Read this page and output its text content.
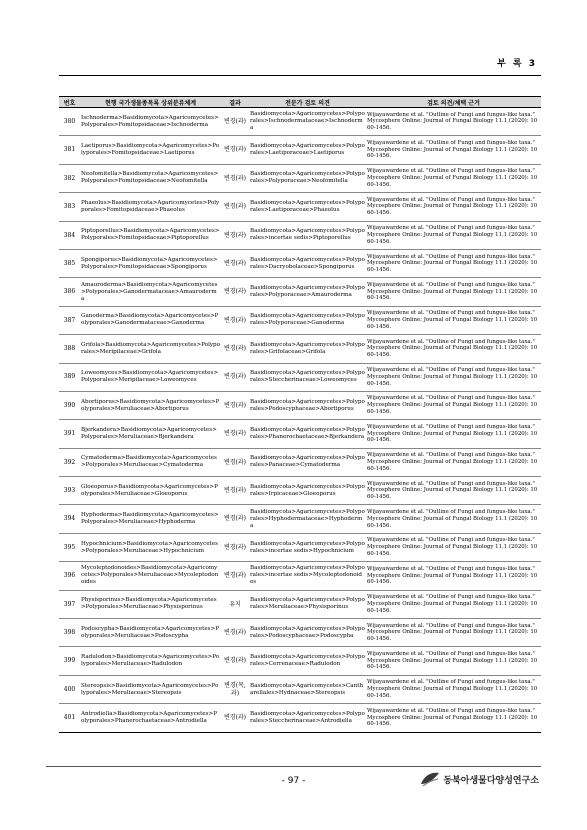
부 록 3
번호	현행 국가생물종목록 상위분류체계	결과	전문가 검토 의견	검토 의견/체택 근거
380	Ischnoderma>Basidiomycota>Agaricomycetes>Polyporales>Fomitopsidaceae>Ischnoderma	변경(과)	Basidiomycota>Agaricomycetes>Polyporales>Ischnodermataceae>Ischnoderma	Wijayawardene et al. "Outline of Fungi and fungus-like taxa." Mycosphere Online: Journal of Fungal Biology 11.1 (2020): 1060-1456.
381	Laetiporus>Basidiomycota>Agaricomycetes>Polyporales>Fomitopsidaceae>Laetiporus	변경(과)	Basidiomycota>Agaricomycetes>Polyporales>Laetiporaceae>Laetiporus	Wijayawardene et al. "Outline of Fungi and fungus-like taxa." Mycosphere Online: Journal of Fungal Biology 11.1 (2020): 1060-1456.
382	Neofomitella>Basidiomycota>Agaricomycetes>Polyporales>Fomitopsidaceae>Neofomitella	변경(과)	Basidiomycota>Agaricomycetes>Polyporales>Polyporaceae>Neofomitella	Wijayawardene et al. "Outline of Fungi and fungus-like taxa." Mycosphere Online: Journal of Fungal Biology 11.1 (2020): 1060-1456.
383	Phaeolus>Basidiomycota>Agaricomycetes>Polyporales>Fomitopsidaceae>Phaeolus	변경(과)	Basidiomycota>Agaricomycetes>Polyporales>Laetiporaceae>Phaeolus	Wijayawardene et al. "Outline of Fungi and fungus-like taxa." Mycosphere Online: Journal of Fungal Biology 11.1 (2020): 1060-1456.
384	Piptoporellus>Basidiomycota>Agaricomycetes>Polyporales>Fomitopsidaceae>Piptoporellus	변경(과)	Basidiomycota>Agaricomycetes>Polyporales>incertae sedis>Piptoporellus	Wijayawardene et al. "Outline of Fungi and fungus-like taxa." Mycosphere Online: Journal of Fungal Biology 11.1 (2020): 1060-1456.
385	Spongiporus>Basidiomycota>Agaricomycetes>Polyporales>Fomitopsidaceae>Spongiporus	변경(과)	Basidiomycota>Agaricomycetes>Polyporales>Dacryobolaceae>Spongiporus	Wijayawardene et al. "Outline of Fungi and fungus-like taxa." Mycosphere Online: Journal of Fungal Biology 11.1 (2020): 1060-1456.
386	Amauroderma>Basidiomycota>Agaricomycetes>Polyporales>Ganodermataceae>Amauroderma	변경(과)	Basidiomycota>Agaricomycetes>Polyporales>Polyporaceae>Amauroderma	Wijayawardene et al. "Outline of Fungi and fungus-like taxa." Mycosphere Online: Journal of Fungal Biology 11.1 (2020): 1060-1456.
387	Ganoderma>Basidiomycota>Agaricomycetes>Polyporales>Ganodermataceae>Ganoderma	변경(과)	Basidiomycota>Agaricomycetes>Polyporales>Polyporaceae>Ganoderma	Wijayawardene et al. "Outline of Fungi and fungus-like taxa." Mycosphere Online: Journal of Fungal Biology 11.1 (2020): 1060-1456.
388	Grifola>Basidiomycota>Agaricomycetes>Polyporales>Meripilaceae>Grifola	변경(과)	Basidiomycota>Agaricomycetes>Polyporales>Grifolaceae>Grifola	Wijayawardene et al. "Outline of Fungi and fungus-like taxa." Mycosphere Online: Journal of Fungal Biology 11.1 (2020): 1060-1456.
389	Loweomyces>Basidiomycota>Agaricomycetes>Polyporales>Meripilaceae>Loweomyces	변경(과)	Basidiomycota>Agaricomycetes>Polyporales>Steccherinaceae>Loweomyces	Wijayawardene et al. "Outline of Fungi and fungus-like taxa." Mycosphere Online: Journal of Fungal Biology 11.1 (2020): 1060-1456.
390	Abortiporus>Basidiomycota>Agaricomycetes>Polyporales>Meruliaceae>Abortiporus	변경(과)	Basidiomycota>Agaricomycetes>Polyporales>Podoscyphaceae>Abortiporus	Wijayawardene et al. "Outline of Fungi and fungus-like taxa." Mycosphere Online: Journal of Fungal Biology 11.1 (2020): 1060-1456.
391	Bjerkandera>Basidiomycota>Agaricomycetes>Polyporales>Meruliaceae>Bjerkandera	변경(과)	Basidiomycota>Agaricomycetes>Polyporales>Phanerochaetaceae>Bjerkandera	Wijayawardene et al. "Outline of Fungi and fungus-like taxa." Mycosphere Online: Journal of Fungal Biology 11.1 (2020): 1060-1456.
392	Cymatoderma>Basidiomycota>Agaricomycetes>Polyporales>Meruliaceae>Cymatoderma	변경(과)	Basidiomycota>Agaricomycetes>Polyporales>Panaceae>Cymatoderma	Wijayawardene et al. "Outline of Fungi and fungus-like taxa." Mycosphere Online: Journal of Fungal Biology 11.1 (2020): 1060-1456.
393	Gloeoporus>Basidiomycota>Agaricomycetes>Polyporales>Meruliaceae>Gloeoporus	변경(과)	Basidiomycota>Agaricomycetes>Polyporales>Irpicaceae>Gloeoporus	Wijayawardene et al. "Outline of Fungi and fungus-like taxa." Mycosphere Online: Journal of Fungal Biology 11.1 (2020): 1060-1456.
394	Hyphoderma>Basidiomycota>Agaricomycetes>Polyporales>Meruliaceae>Hyphoderma	변경(과)	Basidiomycota>Agaricomycetes>Polyporales>Hyphodermataceae>Hyphoderma	Wijayawardene et al. "Outline of Fungi and fungus-like taxa." Mycosphere Online: Journal of Fungal Biology 11.1 (2020): 1060-1456.
395	Hypochnicium>Basidiomycota>Agaricomycetes>Polyporales>Meruliaceae>Hypochnicium	변경(과)	Basidiomycota>Agaricomycetes>Polyporales>incertae sedis>Hypochnicium	Wijayawardene et al. "Outline of Fungi and fungus-like taxa." Mycosphere Online: Journal of Fungal Biology 11.1 (2020): 1060-1456.
396	Mycoleptodonoides>Basidiomycota>Agaricomycetes>Polyporales>Meruliaceae>Mycoleptodonoides	변경(과)	Basidiomycota>Agaricomycetes>Polyporales>incertae sedis>Mycoleptodonoides	Wijayawardene et al. "Outline of Fungi and fungus-like taxa." Mycosphere Online: Journal of Fungal Biology 11.1 (2020): 1060-1456.
397	Physisporinus>Basidiomycota>Agaricomycetes>Polyporales>Meruliaceae>Physisporinus	유지	Basidiomycota>Agaricomycetes>Polyporales>Meruliaceae>Physisporinus	Wijayawardene et al. "Outline of Fungi and fungus-like taxa." Mycosphere Online: Journal of Fungal Biology 11.1 (2020): 1060-1456.
398	Podoscypha>Basidiomycota>Agaricomycetes>Polyporales>Meruliaceae>Podoscypha	변경(과)	Basidiomycota>Agaricomycetes>Polyporales>Podoscyphaceae>Podoscypha	Wijayawardene et al. "Outline of Fungi and fungus-like taxa." Mycosphere Online: Journal of Fungal Biology 11.1 (2020): 1060-1456.
399	Radulodon>Basidiomycota>Agaricomycetes>Polyporales>Meruliaceae>Radulodon	변경(과)	Basidiomycota>Agaricomycetes>Polyporales>Cerrenaceae>Radulodon	Wijayawardene et al. "Outline of Fungi and fungus-like taxa." Mycosphere Online: Journal of Fungal Biology 11.1 (2020): 1060-1456.
400	Stereopsis>Basidiomycota>Agaricomycetes>Polyporales>Meruliaceae>Stereopsis	변경(목, 과)	Basidiomycota>Agaricomycetes>Cantharellales>Hydnaceae>Stereopsis	Wijayawardene et al. "Outline of Fungi and fungus-like taxa." Mycosphere Online: Journal of Fungal Biology 11.1 (2020): 1060-1456.
401	Antrodiella>Basidiomycota>Agaricomycetes>Polyporales>Phanerochaetaceae>Antrodiella	변경(과)	Basidiomycota>Agaricomycetes>Polyporales>Steccherinaceae>Antrodiella	Wijayawardene et al. "Outline of Fungi and fungus-like taxa." Mycosphere Online: Journal of Fungal Biology 11.1 (2020): 1060-1456.
- 97 -	동북아생물다양성연구소
